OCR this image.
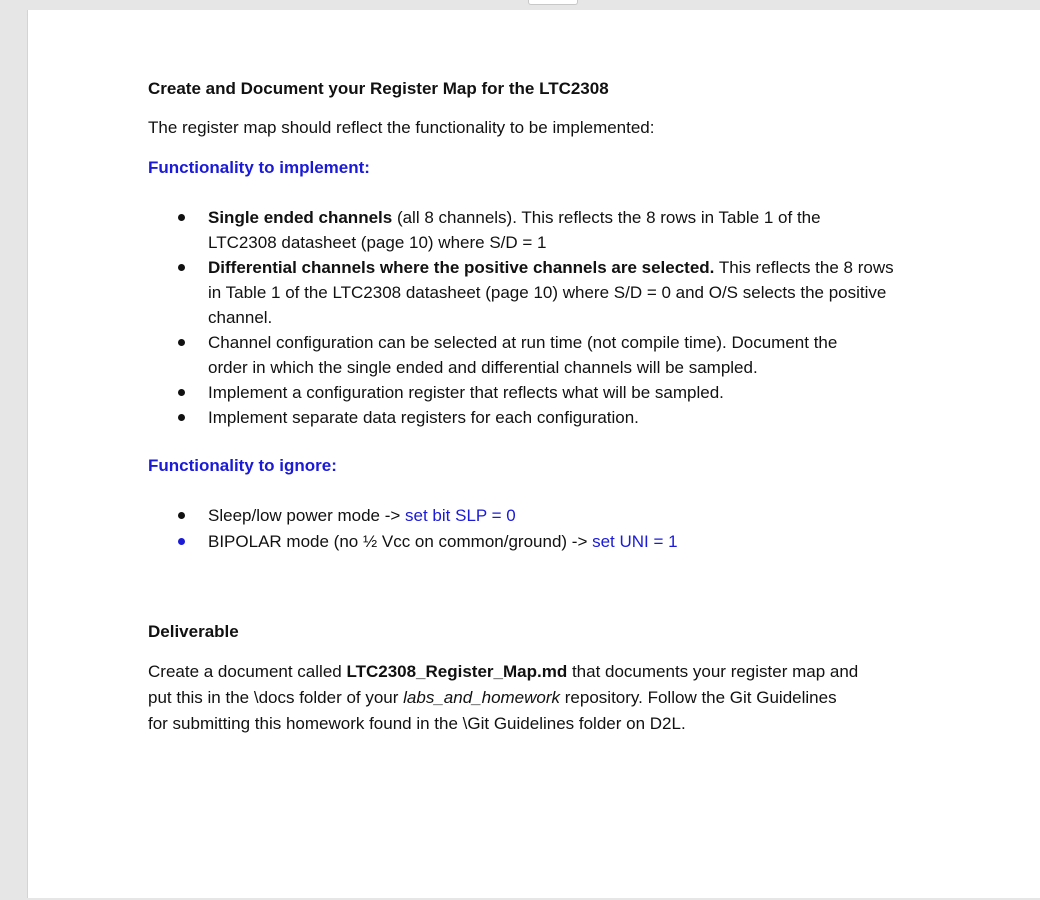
Create and Document your Register Map for the LTC2308

The register map should reflect the functionality to be implemented:

Functionality to implement:

Single ended channels (all 8 channels). This reflects the 8 rows in Table 1 of the
LTC2308 datasheet (page 10) where S/D = 1
Differential channels where the positive channels are selected. This reflects the 8 rows
in Table 1 of the LTC2308 datasheet (page 10) where S/D = 0 and O/S selects the positive
channel.
Channel configuration can be selected at run time (not compile time). Document the
order in which the single ended and differential channels will be sampled.
Implement a configuration register that reflects what will be sampled.
Implement separate data registers for each configuration.

Functionality to ignore:

Sleep/low power mode -> set bit SLP = 0
BIPOLAR mode (no ½ Vcc on common/ground) -> set UNI = 1

Deliverable

Create a document called LTC2308_Register_Map.md that documents your register map and
put this in the \docs folder of your labs_and_homework repository. Follow the Git Guidelines
for submitting this homework found in the \Git Guidelines folder on D2L.
